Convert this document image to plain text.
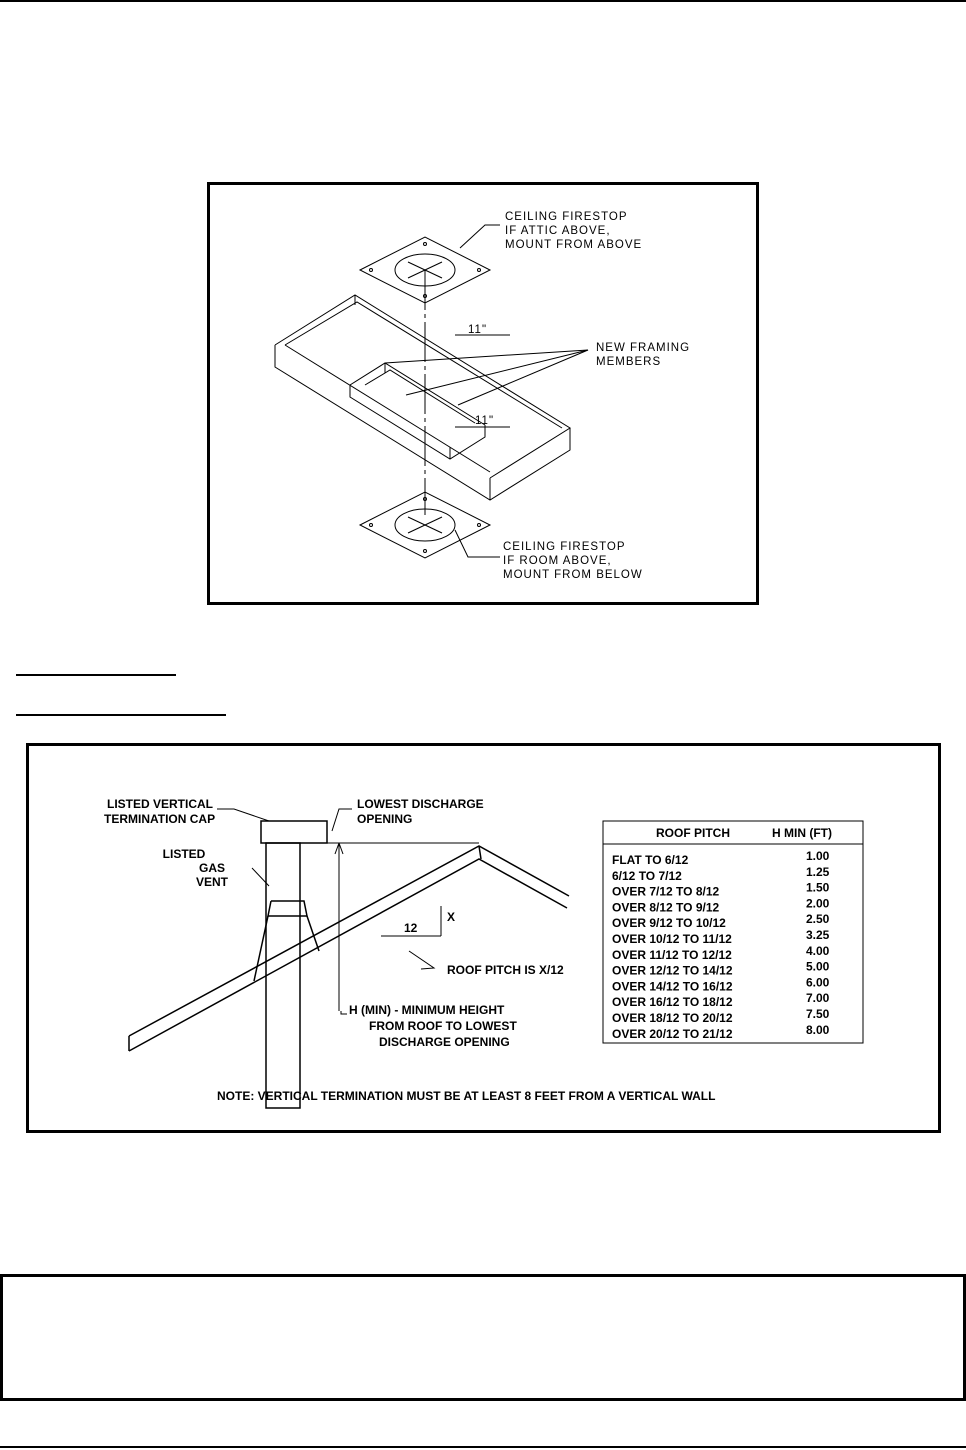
CEILING FIRESTOP
IF ATTIC ABOVE,
MOUNT FROM ABOVE
NEW FRAMING
MEMBERS
11"
11"
CEILING FIRESTOP
IF ROOM ABOVE,
MOUNT FROM BELOW
LISTED VERTICAL
TERMINATION CAP
LISTED
GAS
VENT
LOWEST DISCHARGE
OPENING
12
X
ROOF PITCH IS X/12
H (MIN) - MINIMUM HEIGHT
FROM ROOF TO LOWEST
DISCHARGE OPENING
ROOF PITCH	H MIN (FT)
FLAT TO 6/12	1.00
6/12 TO 7/12	1.25
OVER 7/12 TO 8/12	1.50
OVER 8/12 TO 9/12	2.00
OVER 9/12 TO 10/12	2.50
OVER 10/12 TO 11/12	3.25
OVER 11/12 TO 12/12	4.00
OVER 12/12 TO 14/12	5.00
OVER 14/12 TO 16/12	6.00
OVER 16/12 TO 18/12	7.00
OVER 18/12 TO 20/12	7.50
OVER 20/12 TO 21/12	8.00
NOTE: VERTICAL TERMINATION MUST BE AT LEAST 8 FEET FROM A VERTICAL WALL
